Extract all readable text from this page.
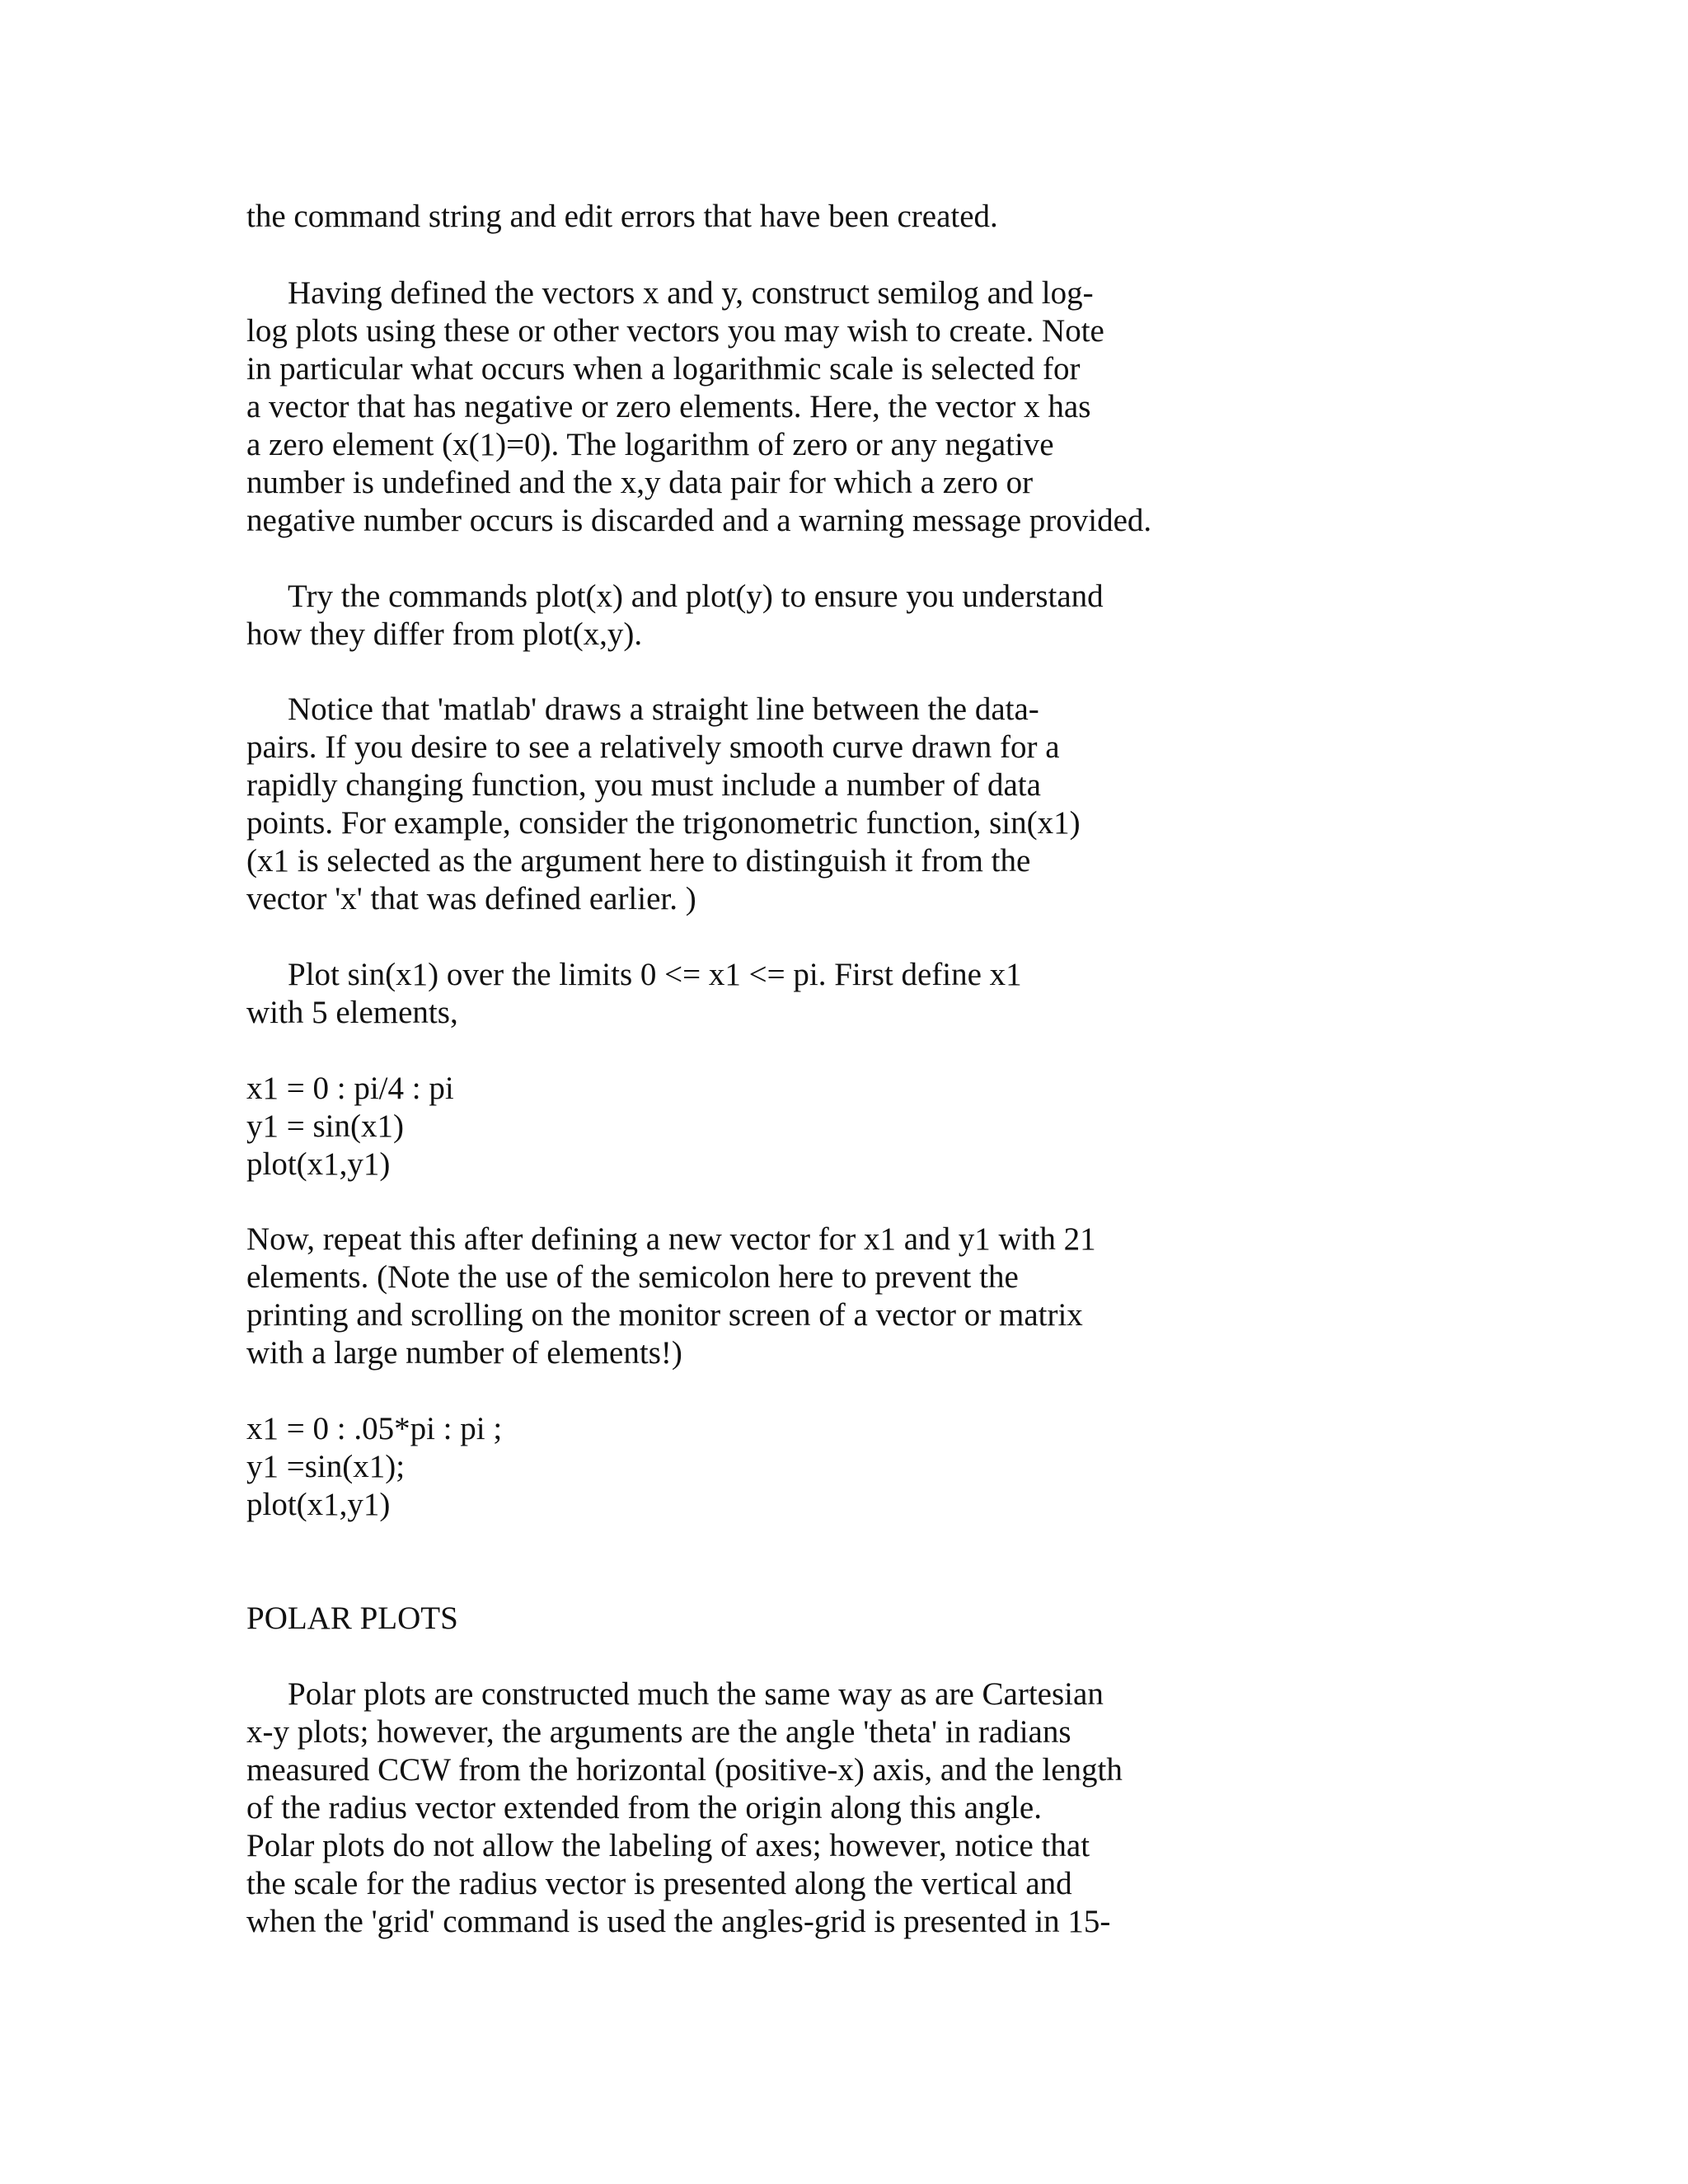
the command string and edit errors that have been created.

Having defined the vectors x and y, construct semilog and log-

log plots using these or other vectors you may wish to create. Note

in particular what occurs when a logarithmic scale is selected for

a vector that has negative or zero elements. Here, the vector x has

a zero element (x(1)=0). The logarithm of zero or any negative

number is undefined and the x,y data pair for which a zero or

negative number occurs is discarded and a warning message provided.

Try the commands plot(x) and plot(y) to ensure you understand

how they differ from plot(x,y).

Notice that 'matlab' draws a straight line between the data-

pairs. If you desire to see a relatively smooth curve drawn for a

rapidly changing function, you must include a number of data

points. For example, consider the trigonometric function, sin(x1)

(x1 is selected as the argument here to distinguish it from the

vector 'x' that was defined earlier. )

Plot sin(x1) over the limits 0 <= x1 <= pi. First define x1

with 5 elements,

x1 = 0 : pi/4 : pi

y1 = sin(x1)

plot(x1,y1)

Now, repeat this after defining a new vector for x1 and y1 with 21

elements. (Note the use of the semicolon here to prevent the

printing and scrolling on the monitor screen of a vector or matrix

with a large number of elements!)

x1 = 0 : .05*pi : pi ;

y1 =sin(x1);

plot(x1,y1)

POLAR PLOTS

Polar plots are constructed much the same way as are Cartesian

x-y plots; however, the arguments are the angle 'theta' in radians

measured CCW from the horizontal (positive-x) axis, and the length

of the radius vector extended from the origin along this angle.

Polar plots do not allow the labeling of axes; however, notice that

the scale for the radius vector is presented along the vertical and

when the 'grid' command is used the angles-grid is presented in 15-
